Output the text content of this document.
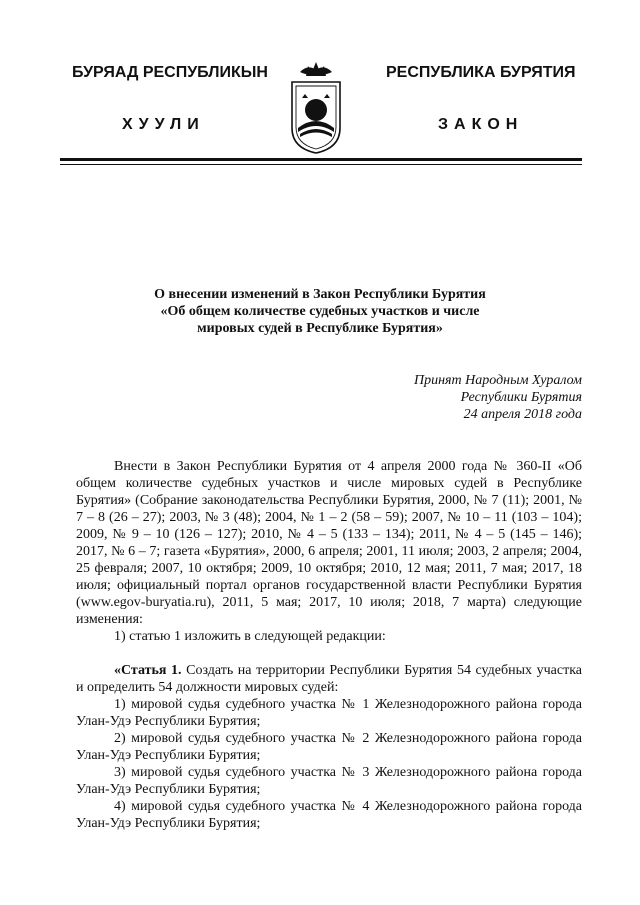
БУРЯАД РЕСПУБЛИКЫН
ХУУЛИ
РЕСПУБЛИКА БУРЯТИЯ
ЗАКОН
О внесении изменений в Закон Республики Бурятия
«Об общем количестве судебных участков и числе
мировых судей в Республике Бурятия»
Принят Народным Хуралом
Республики Бурятия
24 апреля 2018 года

Внести в Закон Республики Бурятия от 4 апреля 2000 года № 360-II «Об общем количестве судебных участков и числе мировых судей в Республике Бурятия» (Собрание законодательства Республики Бурятия, 2000, № 7 (11); 2001, № 7 – 8 (26 – 27); 2003, № 3 (48); 2004, № 1 – 2 (58 – 59); 2007, № 10 – 11 (103 – 104); 2009, № 9 – 10 (126 – 127); 2010, № 4 – 5 (133 – 134); 2011, № 4 – 5 (145 – 146); 2017, № 6 – 7; газета «Бурятия», 2000, 6 апреля; 2001, 11 июля; 2003, 2 апреля; 2004, 25 февраля; 2007, 10 октября; 2009, 10 октября; 2010, 12 мая; 2011, 7 мая; 2017, 18 июля; официальный портал органов государственной власти Республики Бурятия (www.egov-buryatia.ru), 2011, 5 мая; 2017, 10 июля; 2018, 7 марта) следующие изменения:

1) статью 1 изложить в следующей редакции:

«Статья 1. Создать на территории Республики Бурятия 54 судебных участка и определить 54 должности мировых судей:

1) мировой судья судебного участка № 1 Железнодорожного района города Улан-Удэ Республики Бурятия;

2) мировой судья судебного участка № 2 Железнодорожного района города Улан-Удэ Республики Бурятия;

3) мировой судья судебного участка № 3 Железнодорожного района города Улан-Удэ Республики Бурятия;

4) мировой судья судебного участка № 4 Железнодорожного района города Улан-Удэ Республики Бурятия;
